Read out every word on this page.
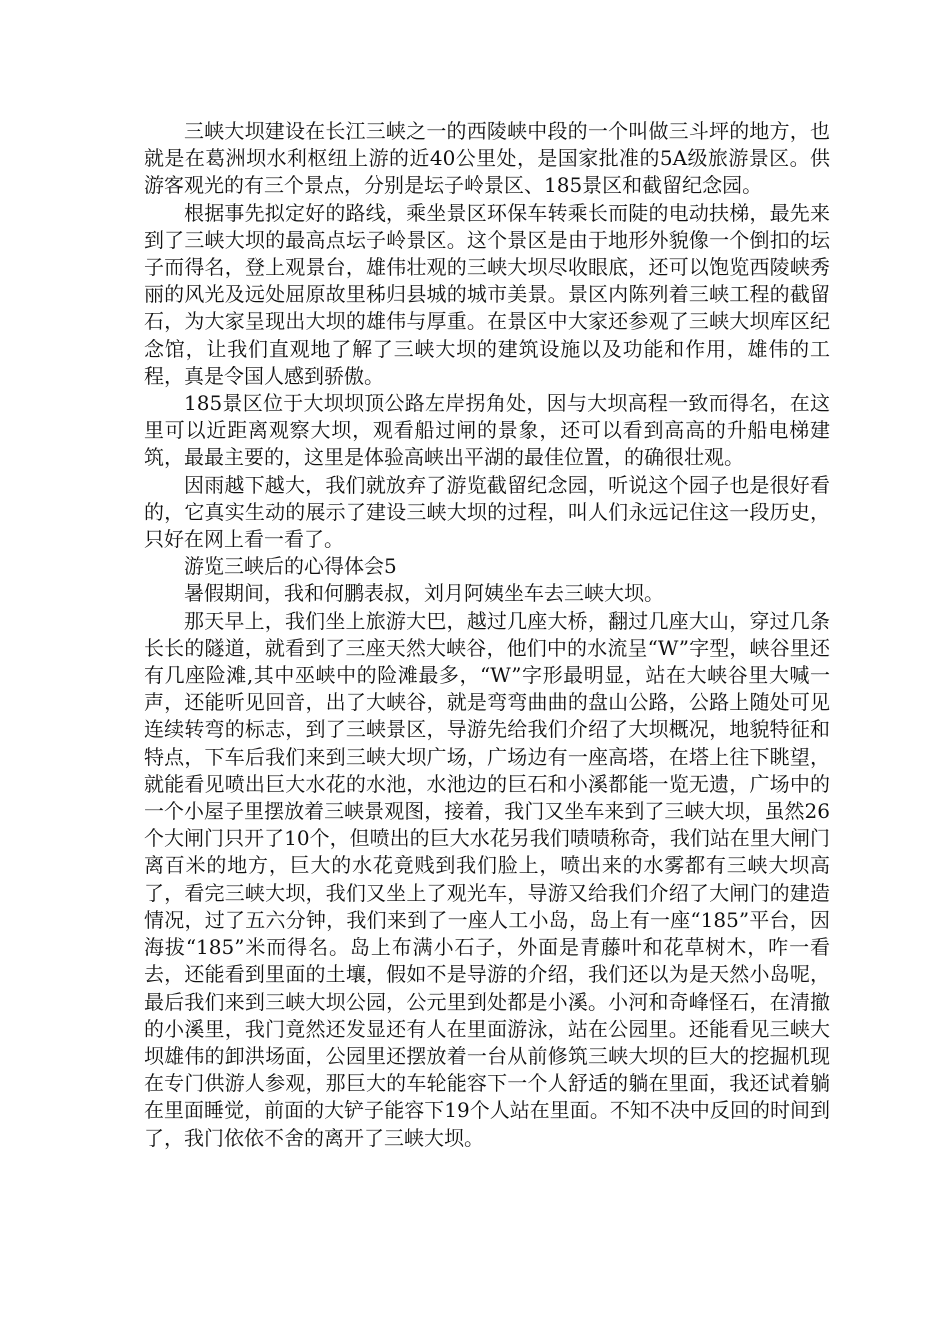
三峡大坝建设在长江三峡之一的西陵峡中段的一个叫做三斗坪的地方，也就是在葛洲坝水利枢纽上游的近40公里处，是国家批准的5A级旅游景区。供游客观光的有三个景点，分别是坛子岭景区、185景区和截留纪念园。

根据事先拟定好的路线，乘坐景区环保车转乘长而陡的电动扶梯，最先来到了三峡大坝的最高点坛子岭景区。这个景区是由于地形外貌像一个倒扣的坛子而得名，登上观景台，雄伟壮观的三峡大坝尽收眼底，还可以饱览西陵峡秀丽的风光及远处屈原故里秭归县城的城市美景。景区内陈列着三峡工程的截留石，为大家呈现出大坝的雄伟与厚重。在景区中大家还参观了三峡大坝库区纪念馆，让我们直观地了解了三峡大坝的建筑设施以及功能和作用，雄伟的工程，真是令国人感到骄傲。

185景区位于大坝坝顶公路左岸拐角处，因与大坝高程一致而得名，在这里可以近距离观察大坝，观看船过闸的景象，还可以看到高高的升船电梯建筑，最最主要的，这里是体验高峡出平湖的最佳位置，的确很壮观。

因雨越下越大，我们就放弃了游览截留纪念园，听说这个园子也是很好看的，它真实生动的展示了建设三峡大坝的过程，叫人们永远记住这一段历史，只好在网上看一看了。

游览三峡后的心得体会5

暑假期间，我和何鹏表叔，刘月阿姨坐车去三峡大坝。

那天早上，我们坐上旅游大巴，越过几座大桥，翻过几座大山，穿过几条长长的隧道，就看到了三座天然大峡谷，他们中的水流呈“W”字型，峡谷里还有几座险滩,其中巫峡中的险滩最多，“W”字形最明显，站在大峡谷里大喊一声，还能听见回音，出了大峡谷，就是弯弯曲曲的盘山公路，公路上随处可见连续转弯的标志，到了三峡景区，导游先给我们介绍了大坝概况，地貌特征和特点，下车后我们来到三峡大坝广场，广场边有一座高塔，在塔上往下眺望，就能看见喷出巨大水花的水池，水池边的巨石和小溪都能一览无遗，广场中的一个小屋子里摆放着三峡景观图，接着，我门又坐车来到了三峡大坝，虽然26个大闸门只开了10个，但喷出的巨大水花另我们啧啧称奇，我们站在里大闸门离百米的地方，巨大的水花竟贱到我们脸上，喷出来的水雾都有三峡大坝高了，看完三峡大坝，我们又坐上了观光车，导游又给我们介绍了大闸门的建造情况，过了五六分钟，我们来到了一座人工小岛，岛上有一座“185”平台，因海拔“185”米而得名。岛上布满小石子，外面是青藤叶和花草树木，咋一看去，还能看到里面的土壤，假如不是导游的介绍，我们还以为是天然小岛呢，最后我们来到三峡大坝公园，公元里到处都是小溪。小河和奇峰怪石，在清撤的小溪里，我门竟然还发显还有人在里面游泳，站在公园里。还能看见三峡大坝雄伟的卸洪场面，公园里还摆放着一台从前修筑三峡大坝的巨大的挖掘机现在专门供游人参观，那巨大的车轮能容下一个人舒适的躺在里面，我还试着躺在里面睡觉，前面的大铲子能容下19个人站在里面。不知不决中反回的时间到了，我门依依不舍的离开了三峡大坝。
